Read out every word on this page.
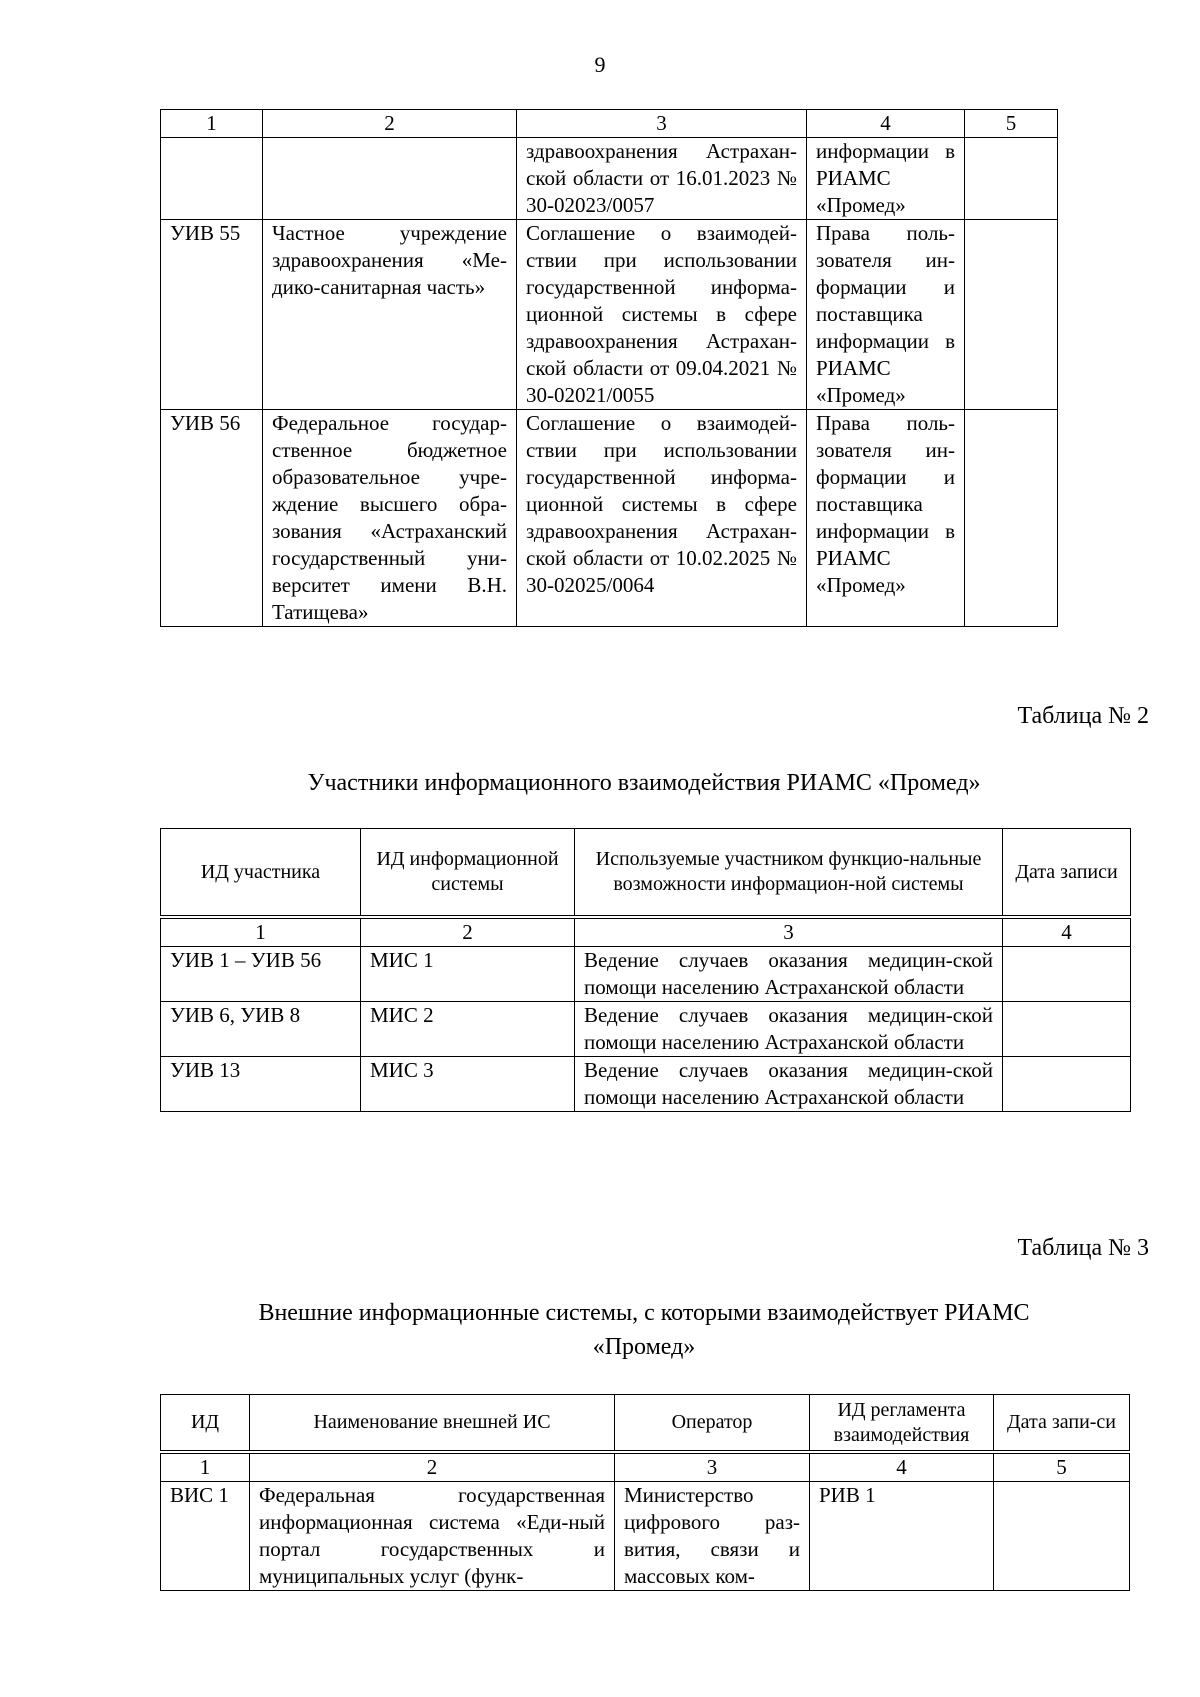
9
1	2	3	4	5
		здравоохранения Астрахан-ской области от 16.01.2023 № 30-02023/0057	информации в РИАМС «Промед»	
УИВ 55	Частное учреждение здравоохранения «Ме-дико-санитарная часть»	Соглашение о взаимодей-ствии при использовании государственной информа-ционной системы в сфере здравоохранения Астрахан-ской области от 09.04.2021 № 30-02021/0055	Права поль-зователя ин-формации и поставщика информации в РИАМС «Промед»	
УИВ 56	Федеральное государ-ственное бюджетное образовательное учре-ждение высшего обра-зования «Астраханский государственный уни-верситет имени В.Н. Татищева»	Соглашение о взаимодей-ствии при использовании государственной информа-ционной системы в сфере здравоохранения Астрахан-ской области от 10.02.2025 № 30-02025/0064	Права поль-зователя ин-формации и поставщика информации в РИАМС «Промед»	
Таблица № 2
Участники информационного взаимодействия РИАМС «Промед»
ИД участника	ИД информационной системы	Используемые участником функцио-нальные возможности информацион-ной системы	Дата записи

1	2	3	4
УИВ 1 – УИВ 56	МИС 1	Ведение случаев оказания медицин-ской помощи населению Астраханской области	
УИВ 6, УИВ 8	МИС 2	Ведение случаев оказания медицин-ской помощи населению Астраханской области	
УИВ 13	МИС 3	Ведение случаев оказания медицин-ской помощи населению Астраханской области	
Таблица № 3
Внешние информационные системы, с которыми взаимодействует РИАМС
«Промед»
ИД	Наименование внешней ИС	Оператор	ИД регламента взаимодействия	Дата запи-си

1	2	3	4	5
ВИС 1	Федеральная государственная информационная система «Еди-ный портал государственных и муниципальных услуг (функ-	Министерство цифрового раз-вития, связи и массовых ком-	РИВ 1	
